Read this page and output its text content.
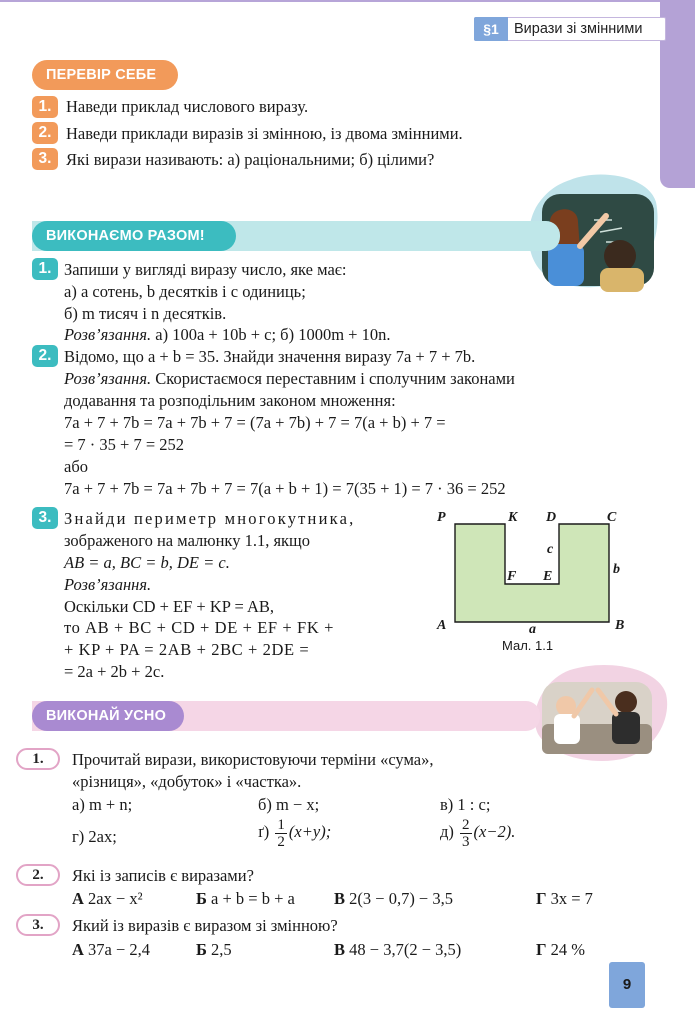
§1	Вирази зі змінними
ПЕРЕВІР СЕБЕ
1. Наведи приклад числового виразу.
2. Наведи приклади виразів зі змінною, із двома змінними.
3. Які вирази називають: а) раціональними; б) цілими?
ВИКОНАЄМО РАЗОМ!
1. Запиши у вигляді виразу число, яке має:
а) a сотень, b десятків і c одиниць;
б) m тисяч і n десятків.
Розв’язання. а) 100a + 10b + c; б) 1000m + 10n.
2. Відомо, що a + b = 35. Знайди значення виразу 7a + 7 + 7b.
Розв’язання. Скористаємося переставним і сполучним законами
додавання та розподільним законом множення:
7a + 7 + 7b = 7a + 7b + 7 = (7a + 7b) + 7 = 7(a + b) + 7 =
= 7 · 35 + 7 = 252
або
7a + 7 + 7b = 7a + 7b + 7 = 7(a + b + 1) = 7(35 + 1) = 7 · 36 = 252
3. Знайди периметр многокутника,
зображеного на малюнку 1.1, якщо
AB = a, BC = b, DE = c.
Розв’язання.
Оскільки CD + EF + KP = AB,
то AB + BC + CD + DE + EF + FK +
+ KP + PA = 2AB + 2BC + 2DE =
= 2a + 2b + 2c.
P	K D	C
c
F E	b
A	a	B
Мал. 1.1
ВИКОНАЙ УСНО
1.	Прочитай вирази, використовуючи терміни «сума»,
«різниця», «добуток» і «частка».
а) m + n;	б) m − x;	в) 1 : c;
г) 2ax;	$ґ) \frac{1}{2} (x+y)$;	$д) \frac{2}{3} (x-2)$.
2.	Які із записів є виразами?
А 2ax − x²	Б a + b = b + a В 2(3 − 0,7) − 3,5	Г 3x = 7
3.	Який із виразів є виразом зі змінною?
А 37a − 2,4	Б 2,5	В 48 − 3,7(2 − 3,5)	Г 24 %
9
